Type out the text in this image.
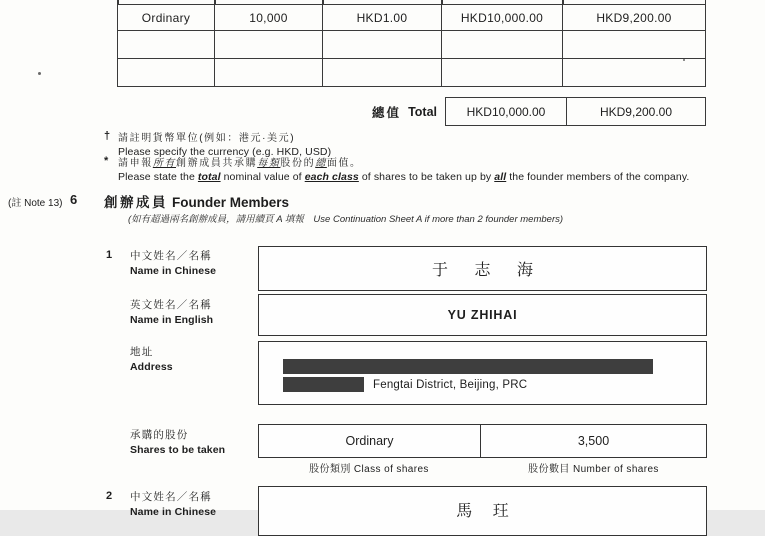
Ordinary	10,000	HKD1.00	HKD10,000.00	HKD9,200.00
總值 Total	HKD10,000.00	HKD9,200.00
† 請註明貨幣單位(例如：港元·美元)
Please specify the currency (e.g. HKD, USD)
* 請申報所有創辦成員共承購每類股份的總面值。
Please state the total nominal value of each class of shares to be taken up by all the founder members of the company.
(註 Note 13) 6 創辦成員 Founder Members
(如有超過兩名創辦成員，請用續頁 A 填報　Use Continuation Sheet A if more than 2 founder members)
1 中文姓名／名稱
Name in Chinese	于 志 海
英文姓名／名稱
Name in English	YU ZHIHAI
地址
Address
Fengtai District, Beijing, PRC
承購的股份
Shares to be taken
Ordinary	3,500
股份類別 Class of shares	股份數目 Number of shares
2 中文姓名／名稱
Name in Chinese	馬 玨
